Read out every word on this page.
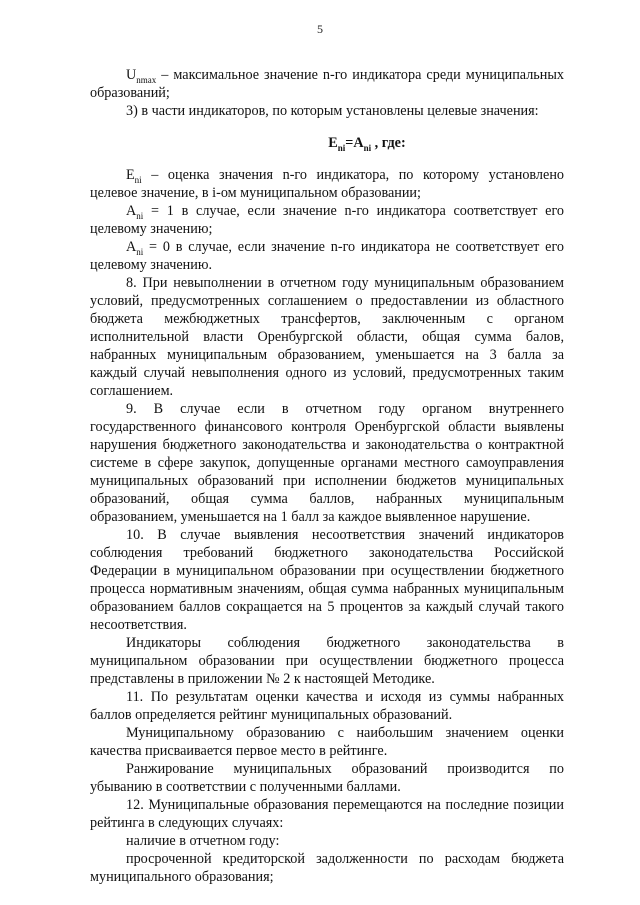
5

$U_{nmax}$ – максимальное значение n-го индикатора среди муниципальных образований;

3) в части индикаторов, по которым установлены целевые значения:

$E_{ni}=A_{ni}$ , где:

$E_{ni}$ – оценка значения n-го индикатора, по которому установлено целевое значение, в i-ом муниципальном образовании;

$A_{ni} = 1$ в случае, если значение n-го индикатора соответствует его целевому значению;

$A_{ni} = 0$ в случае, если значение n-го индикатора не соответствует его целевому значению.

8. При невыполнении в отчетном году муниципальным образованием условий, предусмотренных соглашением о предоставлении из областного бюджета межбюджетных трансфертов, заключенным с органом исполнительной власти Оренбургской области, общая сумма балов, набранных муниципальным образованием, уменьшается на 3 балла за каждый случай невыполнения одного из условий, предусмотренных таким соглашением.

9. В случае если в отчетном году органом внутреннего государственного финансового контроля Оренбургской области выявлены нарушения бюджетного законодательства и законодательства о контрактной системе в сфере закупок, допущенные органами местного самоуправления муниципальных образований при исполнении бюджетов муниципальных образований, общая сумма баллов, набранных муниципальным образованием, уменьшается на 1 балл за каждое выявленное нарушение.

10. В случае выявления несоответствия значений индикаторов соблюдения требований бюджетного законодательства Российской Федерации в муниципальном образовании при осуществлении бюджетного процесса нормативным значениям, общая сумма набранных муниципальным образованием баллов сокращается на 5 процентов за каждый случай такого несоответствия.

Индикаторы соблюдения бюджетного законодательства в муниципальном образовании при осуществлении бюджетного процесса представлены в приложении № 2 к настоящей Методике.

11. По результатам оценки качества и исходя из суммы набранных баллов определяется рейтинг муниципальных образований.

Муниципальному образованию с наибольшим значением оценки качества присваивается первое место в рейтинге.

Ранжирование муниципальных образований производится по убыванию в соответствии с полученными баллами.

12. Муниципальные образования перемещаются на последние позиции рейтинга в следующих случаях:

наличие в отчетном году:

просроченной кредиторской задолженности по расходам бюджета муниципального образования;
